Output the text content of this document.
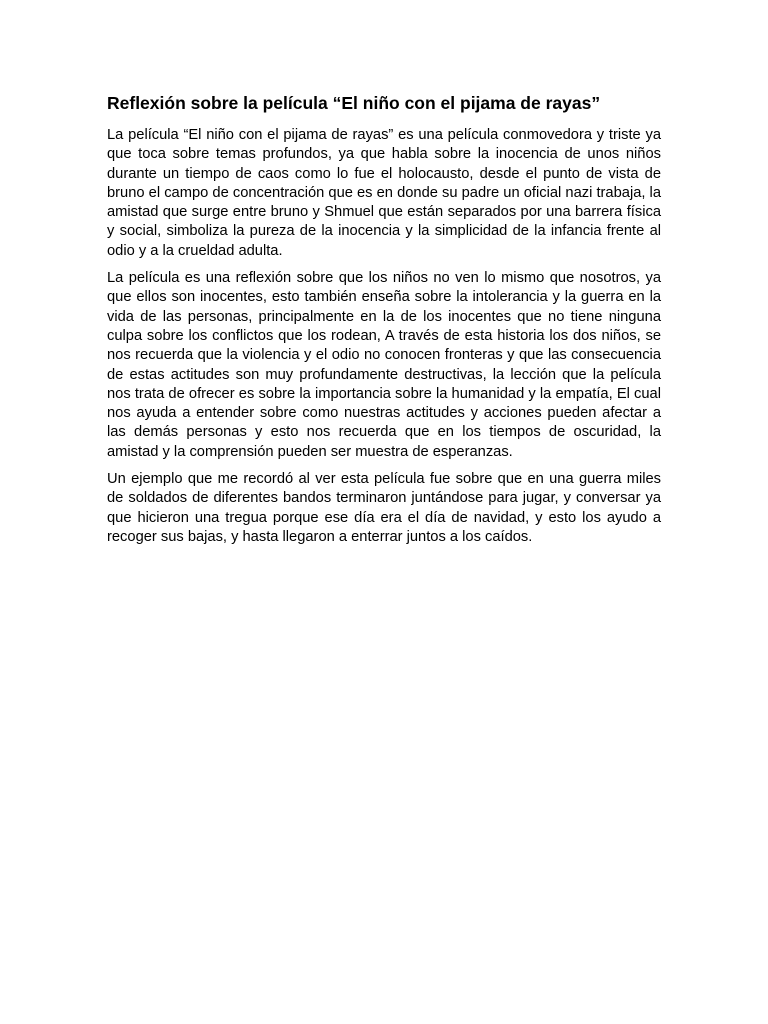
Reflexión sobre la película “El niño con el pijama de rayas”

La película “El niño con el pijama de rayas” es una película conmovedora y triste ya que toca sobre temas profundos, ya que habla sobre la inocencia de unos niños durante un tiempo de caos como lo fue el holocausto, desde el punto de vista de bruno el campo de concentración que es en donde su padre un oficial nazi trabaja, la amistad que surge entre bruno y Shmuel que están separados por una barrera física y social, simboliza la pureza de la inocencia y la simplicidad de la infancia frente al odio y a la crueldad adulta.

La película es una reflexión sobre que los niños no ven lo mismo que nosotros, ya que ellos son inocentes, esto también enseña sobre la intolerancia y la guerra en la vida de las personas, principalmente en la de los inocentes que no tiene ninguna culpa sobre los conflictos que los rodean, A través de esta historia los dos niños, se nos recuerda que la violencia y el odio no conocen fronteras y que las consecuencia de estas actitudes son muy profundamente destructivas, la lección que la película nos trata de ofrecer es sobre la importancia sobre la humanidad y la empatía, El cual nos ayuda a entender sobre como nuestras actitudes y acciones pueden afectar a las demás personas y esto nos recuerda que en los tiempos de oscuridad, la amistad y la comprensión pueden ser muestra de esperanzas.

Un ejemplo que me recordó al ver esta película fue sobre que en una guerra miles de soldados de diferentes bandos terminaron juntándose para jugar, y conversar ya que hicieron una tregua porque ese día era el día de navidad, y esto los ayudo a recoger sus bajas, y hasta llegaron a enterrar juntos a los caídos.
